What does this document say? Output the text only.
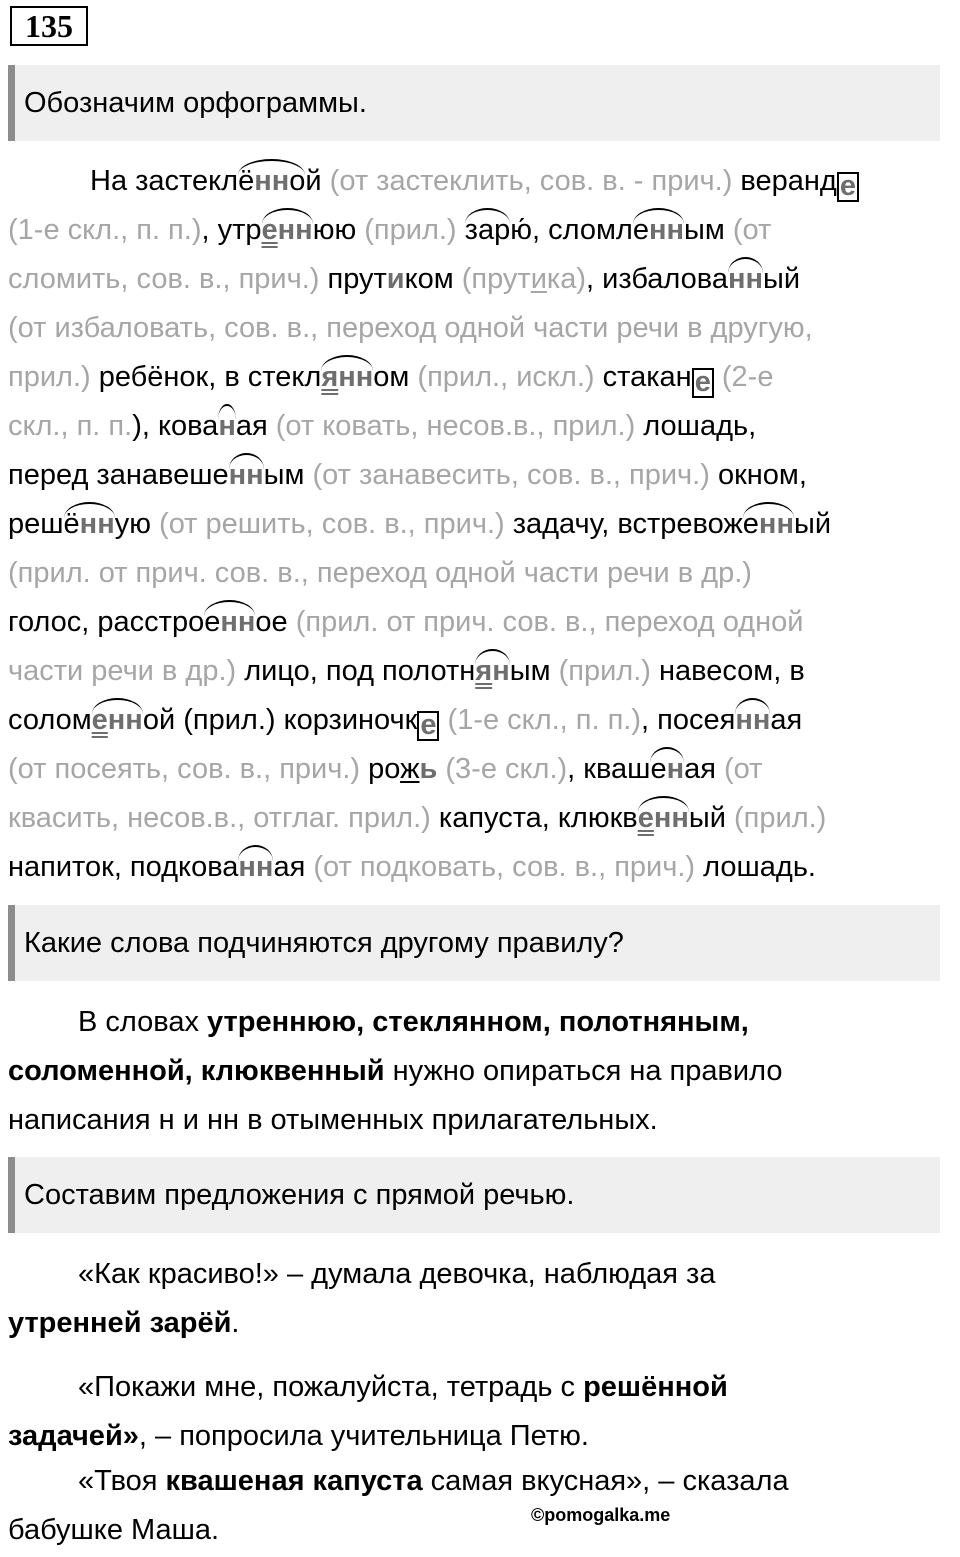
135
Обозначим орфограммы.
На застеклённой (от застеклить, сов. в. - прич.) веранд е
(1-е скл., п. п.), утреннюю (прил.) зарю́, сломленным (от
сломить, сов. в., прич.) прутиком (прутика), избалованный
(от избаловать, сов. в., переход одной части речи в другую,
прил.) ребёнок, в стеклянном (прил., искл.) стакан е (2-е
скл., п. п.), кованая (от ковать, несов.в., прил.) лошадь,
перед занавешенным (от занавесить, сов. в., прич.) окном,
решённую (от решить, сов. в., прич.) задачу, встревоженный
(прил. от прич. сов. в., переход одной части речи в др.)
голос, расстроенное (прил. от прич. сов. в., переход одной
части речи в др.) лицо, под полотняным (прил.) навесом, в
соломенной (прил.) корзиночк е (1-е скл., п. п.), посеянная
(от посеять, сов. в., прич.) рожь (3-е скл.), квашеная (от
квасить, несов.в., отглаг. прил.) капуста, клюквенный (прил.)
напиток, подкованная (от подковать, сов. в., прич.) лошадь.
Какие слова подчиняются другому правилу?
В словах утреннюю, стеклянном, полотняным,
соломенной, клюквенный нужно опираться на правило
написания н и нн в отыменных прилагательных.
Составим предложения с прямой речью.
«Как красиво!» – думала девочка, наблюдая за
утренней зарёй.
«Покажи мне, пожалуйста, тетрадь с решённой
задачей», – попросила учительница Петю.
«Твоя квашеная капуста самая вкусная», – сказала
бабушке Маша.	©pomogalka.me
